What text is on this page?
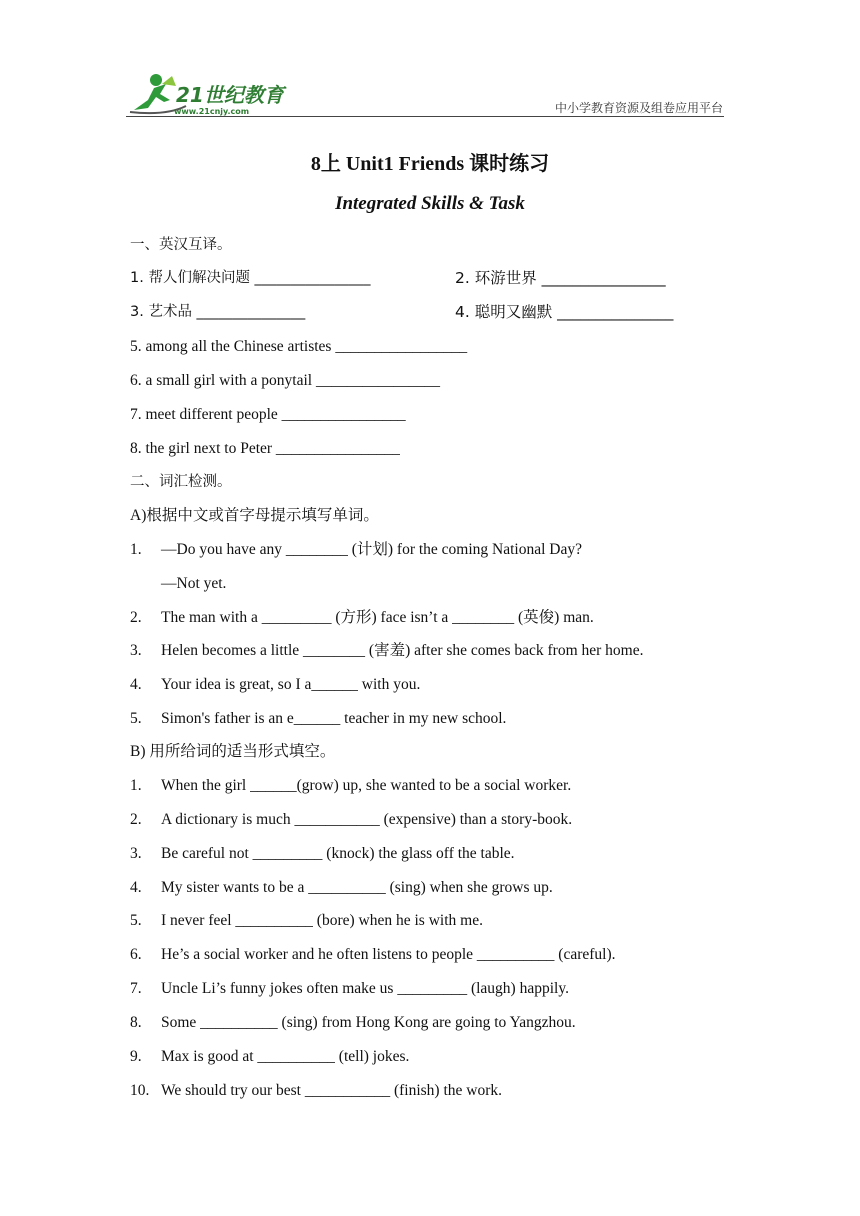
21世纪教育
www.21cnjy.com	中小学教育资源及组卷应用平台
8上 Unit1 Friends 课时练习
Integrated Skills & Task
一、英汉互译。
1. 帮人们解决问题 ________________	2. 环游世界 ________________
3. 艺术品 _______________	4. 聪明又幽默 _______________
5. among all the Chinese artistes _________________
6. a small girl with a ponytail ________________
7. meet different people ________________
8. the girl next to Peter ________________
二、词汇检测。
A)根据中文或首字母提示填写单词。
1. —Do you have any ________ (计划) for the coming National Day?
—Not yet.
2. The man with a _________ (方形) face isn’t a ________ (英俊) man.
3. Helen becomes a little ________ (害羞) after she comes back from her home.
4. Your idea is great, so I a______ with you.
5. Simon's father is an e______ teacher in my new school.
B) 用所给词的适当形式填空。
1. When the girl ______(grow) up, she wanted to be a social worker.
2. A dictionary is much ___________ (expensive) than a story-book.
3. Be careful not _________ (knock) the glass off the table.
4. My sister wants to be a __________ (sing) when she grows up.
5. I never feel __________ (bore) when he is with me.
6. He’s a social worker and he often listens to people __________ (careful).
7. Uncle Li’s funny jokes often make us _________ (laugh) happily.
8. Some __________ (sing) from Hong Kong are going to Yangzhou.
9. Max is good at __________ (tell) jokes.
10. We should try our best ___________ (finish) the work.
